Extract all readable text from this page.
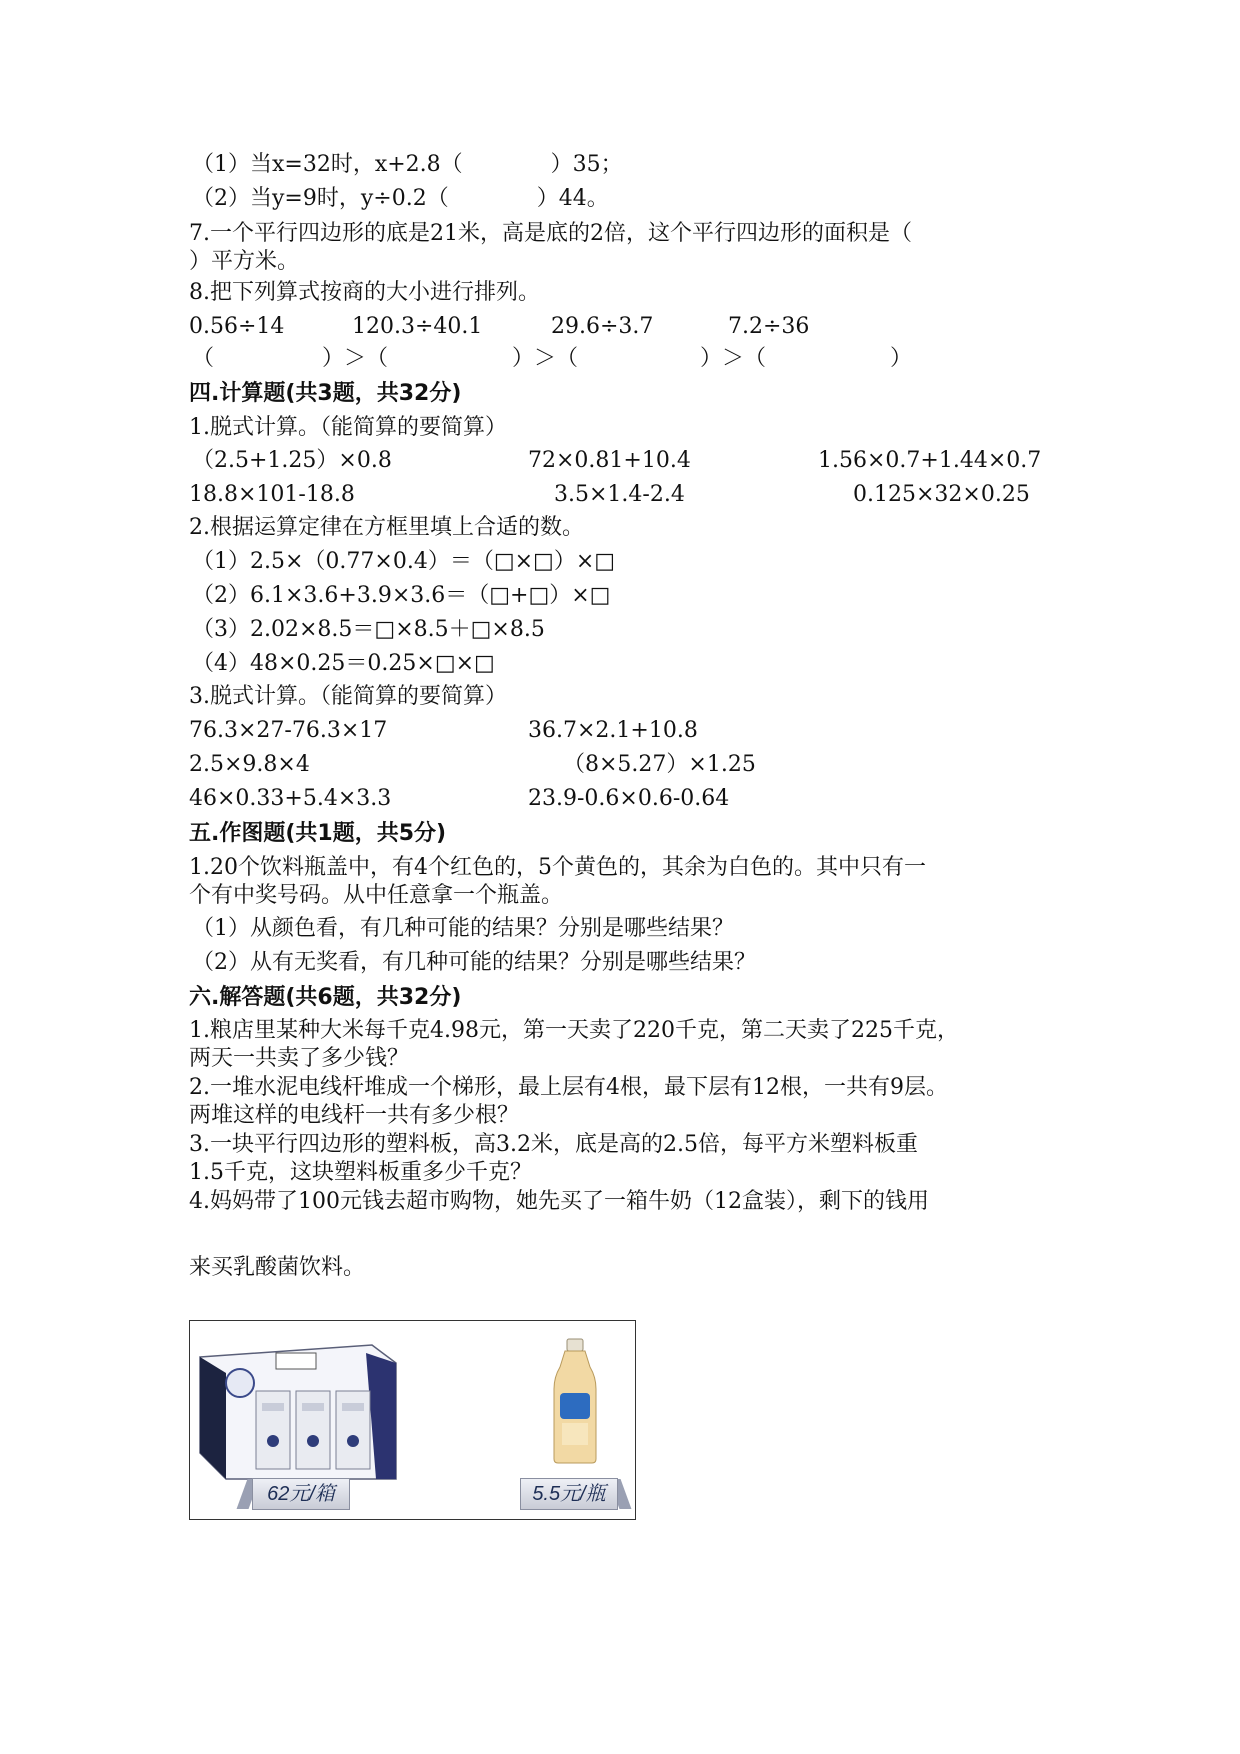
（1）当x=32时，x+2.8（　　　　）35；
（2）当y=9时，y÷0.2（　　　　）44。
7.一个平行四边形的底是21米，高是底的2倍，这个平行四边形的面积是（
）平方米。
8.把下列算式按商的大小进行排列。
0.56÷14	120.3÷40.1	29.6÷3.7	7.2÷36
（	）＞（	）＞（	）＞（	）
四.计算题(共3题，共32分)
1.脱式计算。（能简算的要简算）
（2.5+1.25）×0.8	72×0.81+10.4	1.56×0.7+1.44×0.7
18.8×101-18.8	3.5×1.4-2.4	0.125×32×0.25
2.根据运算定律在方框里填上合适的数。
（1）2.5×（0.77×0.4）＝（□×□）×□
（2）6.1×3.6+3.9×3.6＝（□+□）×□
（3）2.02×8.5＝□×8.5＋□×8.5
（4）48×0.25＝0.25×□×□
3.脱式计算。（能简算的要简算）
76.3×27-76.3×17	36.7×2.1+10.8
2.5×9.8×4	（8×5.27）×1.25
46×0.33+5.4×3.3	23.9-0.6×0.6-0.64
五.作图题(共1题，共5分)
1.20个饮料瓶盖中，有4个红色的，5个黄色的，其余为白色的。其中只有一
个有中奖号码。从中任意拿一个瓶盖。
（1）从颜色看，有几种可能的结果？分别是哪些结果？
（2）从有无奖看，有几种可能的结果？分别是哪些结果？
六.解答题(共6题，共32分)
1.粮店里某种大米每千克4.98元，第一天卖了220千克，第二天卖了225千克，
两天一共卖了多少钱？
2.一堆水泥电线杆堆成一个梯形，最上层有4根，最下层有12根，一共有9层。
两堆这样的电线杆一共有多少根？
3.一块平行四边形的塑料板，高3.2米，底是高的2.5倍，每平方米塑料板重
1.5千克，这块塑料板重多少千克？
4.妈妈带了100元钱去超市购物，她先买了一箱牛奶（12盒装），剩下的钱用
来买乳酸菌饮料。
62元/箱	5.5元/瓶
